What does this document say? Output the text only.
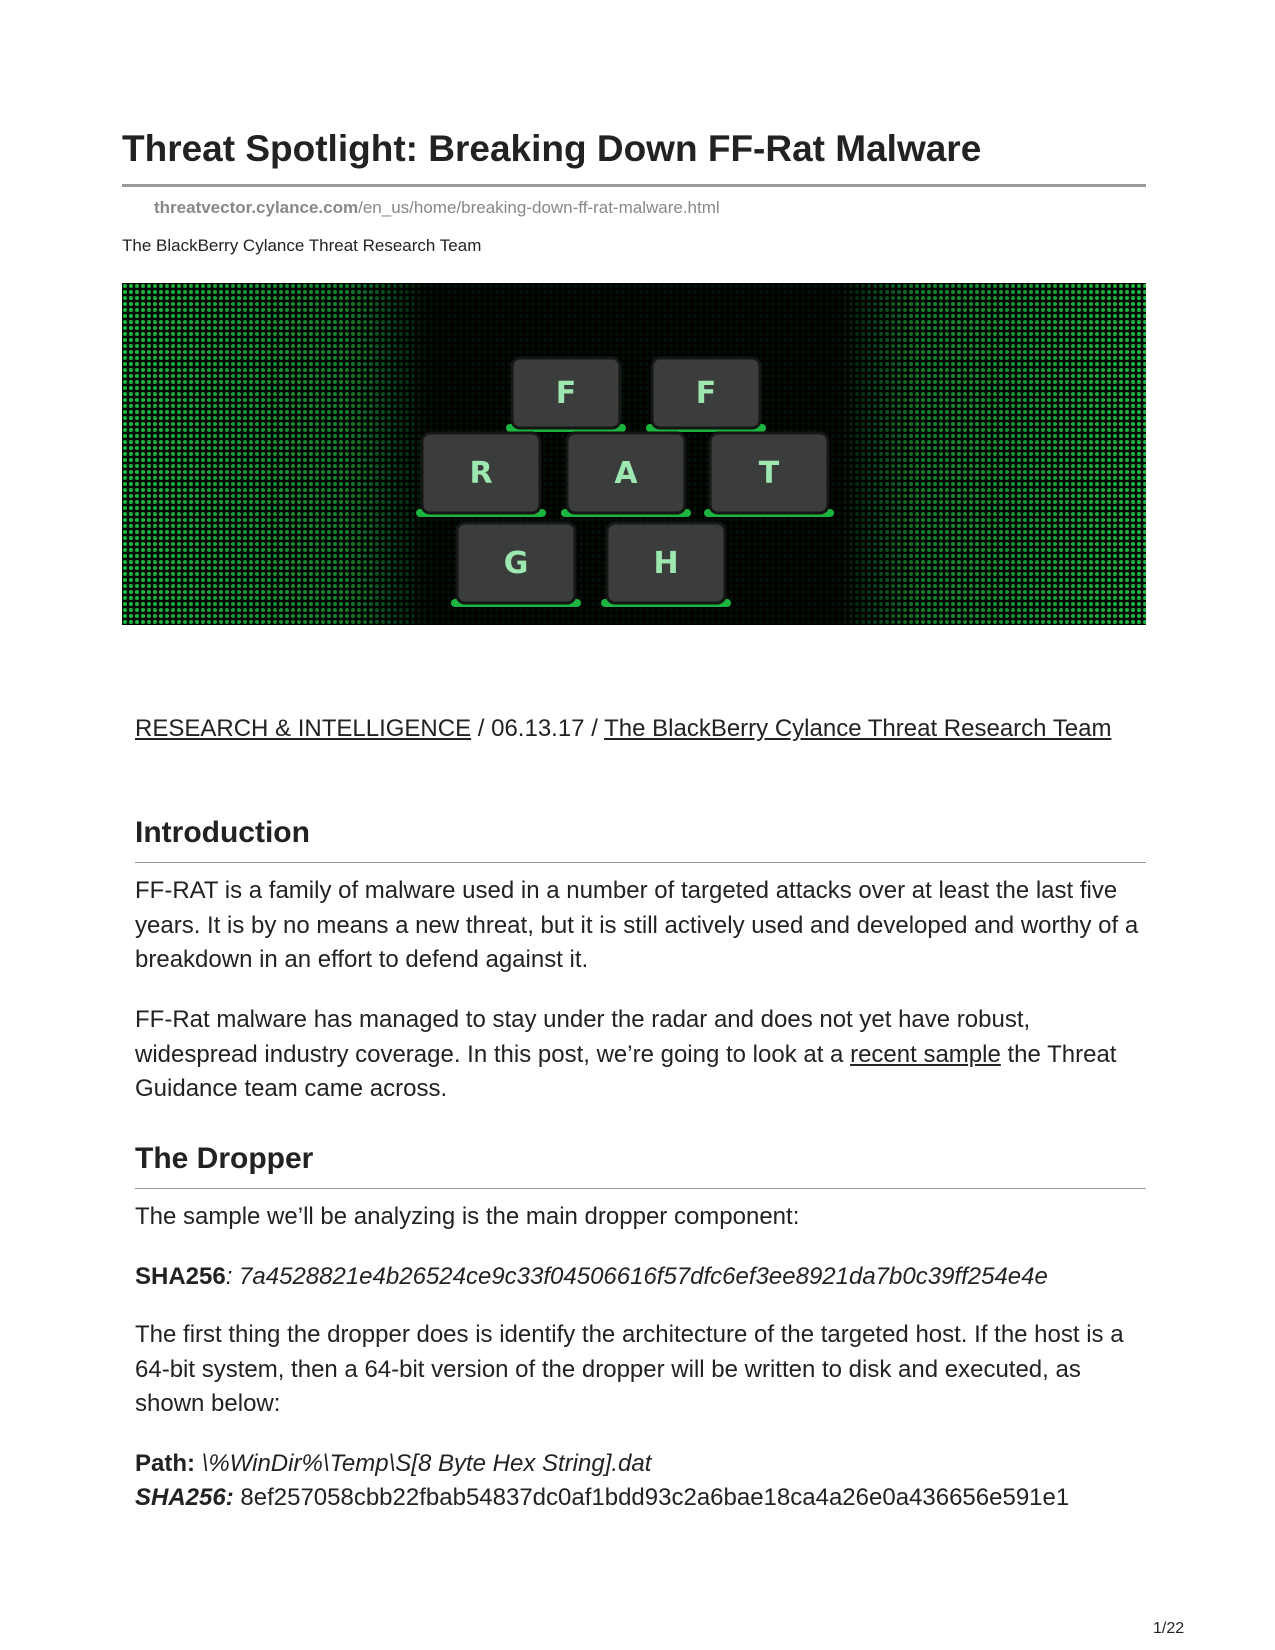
Threat Spotlight: Breaking Down FF-Rat Malware
threatvector.cylance.com/en_us/home/breaking-down-ff-rat-malware.html
The BlackBerry Cylance Threat Research Team
F	F
R	A	T
G	H
RESEARCH & INTELLIGENCE / 06.13.17 / The BlackBerry Cylance Threat Research Team
Introduction
FF-RAT is a family of malware used in a number of targeted attacks over at least the last five years. It is by no means a new threat, but it is still actively used and developed and worthy of a breakdown in an effort to defend against it.
FF-Rat malware has managed to stay under the radar and does not yet have robust, widespread industry coverage. In this post, we’re going to look at a recent sample the Threat Guidance team came across.
The Dropper
The sample we’ll be analyzing is the main dropper component:
SHA256: 7a4528821e4b26524ce9c33f04506616f57dfc6ef3ee8921da7b0c39ff254e4e
The first thing the dropper does is identify the architecture of the targeted host. If the host is a 64-bit system, then a 64-bit version of the dropper will be written to disk and executed, as shown below:
Path: \%WinDir%\Temp\S[8 Byte Hex String].dat
SHA256: 8ef257058cbb22fbab54837dc0af1bdd93c2a6bae18ca4a26e0a436656e591e1
1/22
